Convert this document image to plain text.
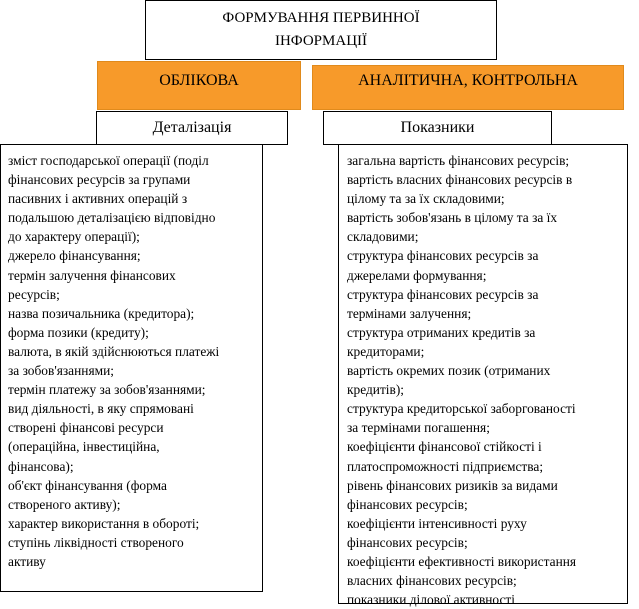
ФОРМУВАННЯ ПЕРВИННОЇ
ІНФОРМАЦІЇ
ОБЛІКОВА	АНАЛІТИЧНА, КОНТРОЛЬНА
Деталізація	Показники
зміст господарської операції (поділ
фінансових ресурсів за групами
пасивних і активних операцій з
подальшою деталізацією відповідно
до характеру операції);
джерело фінансування;
термін залучення фінансових
ресурсів;
назва позичальника (кредитора);
форма позики (кредиту);
валюта, в якій здійснюються платежі
за зобов'язаннями;
термін платежу за зобов'язаннями;
вид діяльності, в яку спрямовані
створені фінансові ресурси
(операційна, інвестиційна,
фінансова);
об'єкт фінансування (форма
створеного активу);
характер використання в обороті;
ступінь ліквідності створеного
активу
загальна вартість фінансових ресурсів;
вартість власних фінансових ресурсів в
цілому та за їх складовими;
вартість зобов'язань в цілому та за їх
складовими;
структура фінансових ресурсів за
джерелами формування;
структура фінансових ресурсів за
термінами залучення;
структура отриманих кредитів за
кредиторами;
вартість окремих позик (отриманих
кредитів);
структура кредиторської заборгованості
за термінами погашення;
коефіцієнти фінансової стійкості і
платоспроможності підприємства;
рівень фінансових ризиків за видами
фінансових ресурсів;
коефіцієнти інтенсивності руху
фінансових ресурсів;
коефіцієнти ефективності використання
власних фінансових ресурсів;
показники ділової активності
